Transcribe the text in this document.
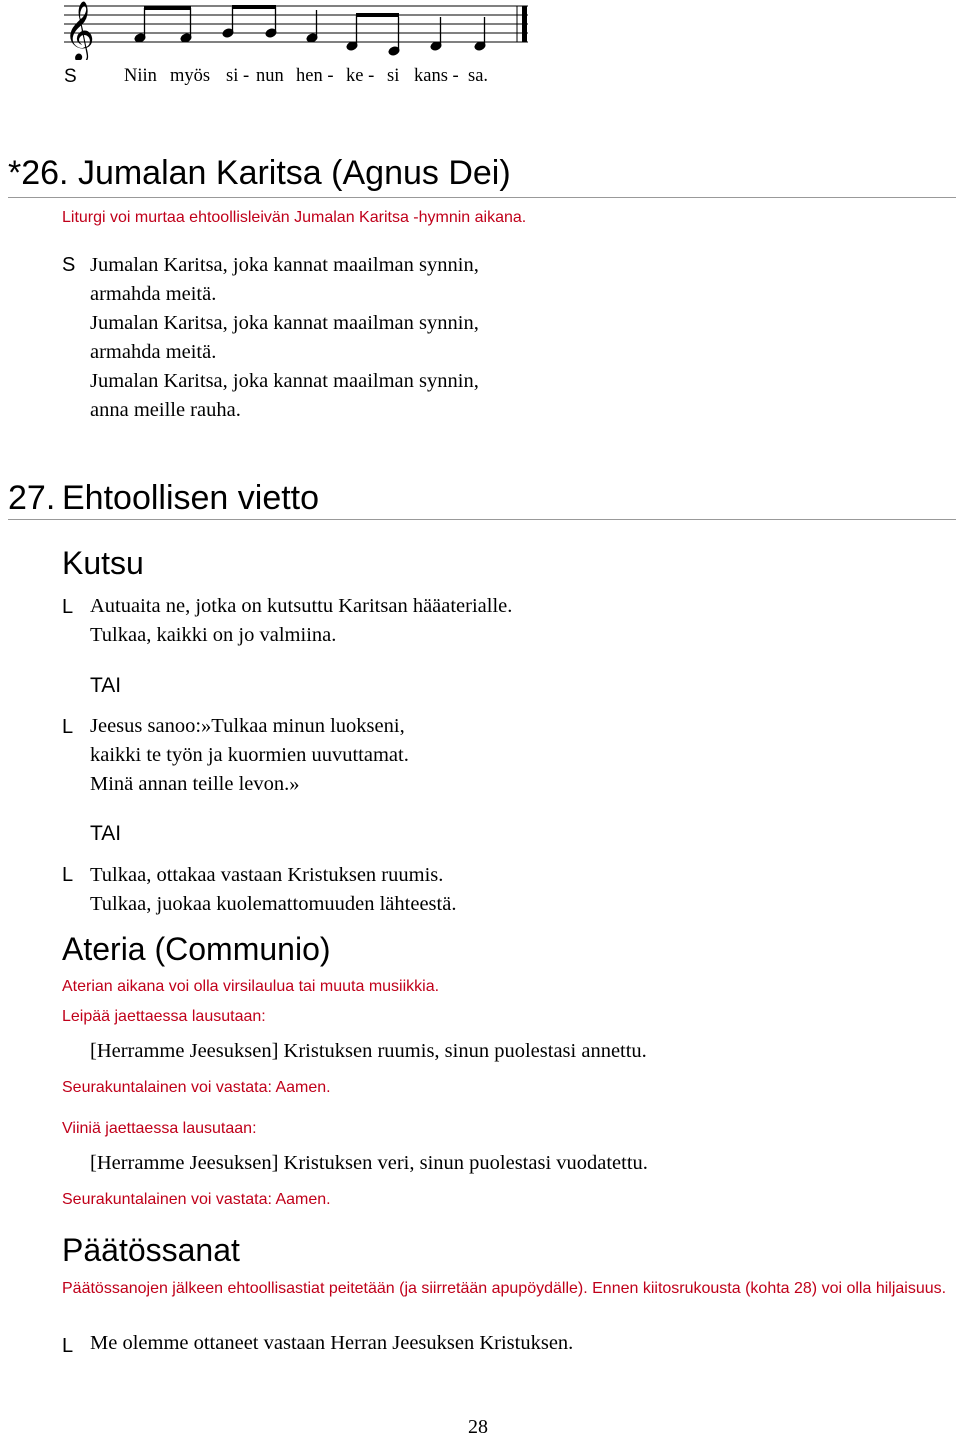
𝄞
S	Niin myös si - nun hen - ke - si kans - sa.
*26. Jumalan Karitsa (Agnus Dei)
Liturgi voi murtaa ehtoollisleivän Jumalan Karitsa -hymnin aikana.
S Jumalan Karitsa, joka kannat maailman synnin,
armahda meitä.
Jumalan Karitsa, joka kannat maailman synnin,
armahda meitä.
Jumalan Karitsa, joka kannat maailman synnin,
anna meille rauha.
27. Ehtoollisen vietto
Kutsu
L Autuaita ne, jotka on kutsuttu Karitsan hääaterialle.
Tulkaa, kaikki on jo valmiina.
TAI
L Jeesus sanoo:»Tulkaa minun luokseni,
kaikki te työn ja kuormien uuvuttamat.
Minä annan teille levon.»
TAI
L Tulkaa, ottakaa vastaan Kristuksen ruumis.
Tulkaa, juokaa kuolemattomuuden lähteestä.
Ateria (Communio)
Aterian aikana voi olla virsilaulua tai muuta musiikkia.
Leipää jaettaessa lausutaan:
[Herramme Jeesuksen] Kristuksen ruumis, sinun puolestasi annettu.
Seurakuntalainen voi vastata: Aamen.
Viiniä jaettaessa lausutaan:
[Herramme Jeesuksen] Kristuksen veri, sinun puolestasi vuodatettu.
Seurakuntalainen voi vastata: Aamen.
Päätössanat
Päätössanojen jälkeen ehtoollisastiat peitetään (ja siirretään apupöydälle). Ennen kiitosrukousta (kohta 28) voi olla hiljaisuus.
L Me olemme ottaneet vastaan Herran Jeesuksen Kristuksen.
28
